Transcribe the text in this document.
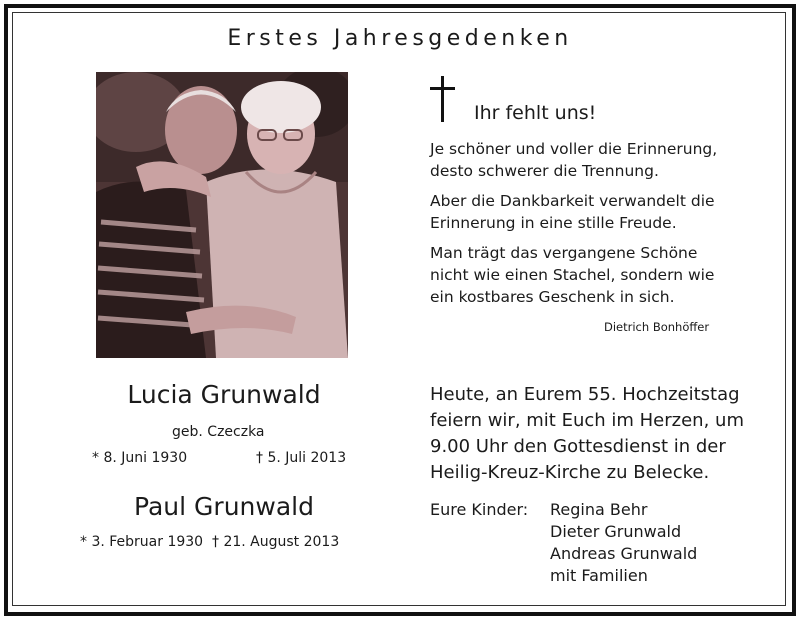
Erstes Jahresgedenken
Ihr fehlt uns!
Je schöner und voller die Erinnerung,
desto schwerer die Trennung.
Aber die Dankbarkeit verwandelt die
Erinnerung in eine stille Freude.
Man trägt das vergangene Schöne
nicht wie einen Stachel, sondern wie
ein kostbares Geschenk in sich.
Dietrich Bonhöffer
Lucia Grunwald
geb. Czeczka
* 8. Juni 1930	† 5. Juli 2013
Paul Grunwald
* 3. Februar 1930  † 21. August 2013
Heute, an Eurem 55. Hochzeitstag
feiern wir, mit Euch im Herzen, um
9.00 Uhr den Gottesdienst in der
Heilig-Kreuz-Kirche zu Belecke.
Eure Kinder: Regina Behr
Dieter Grunwald
Andreas Grunwald
mit Familien
